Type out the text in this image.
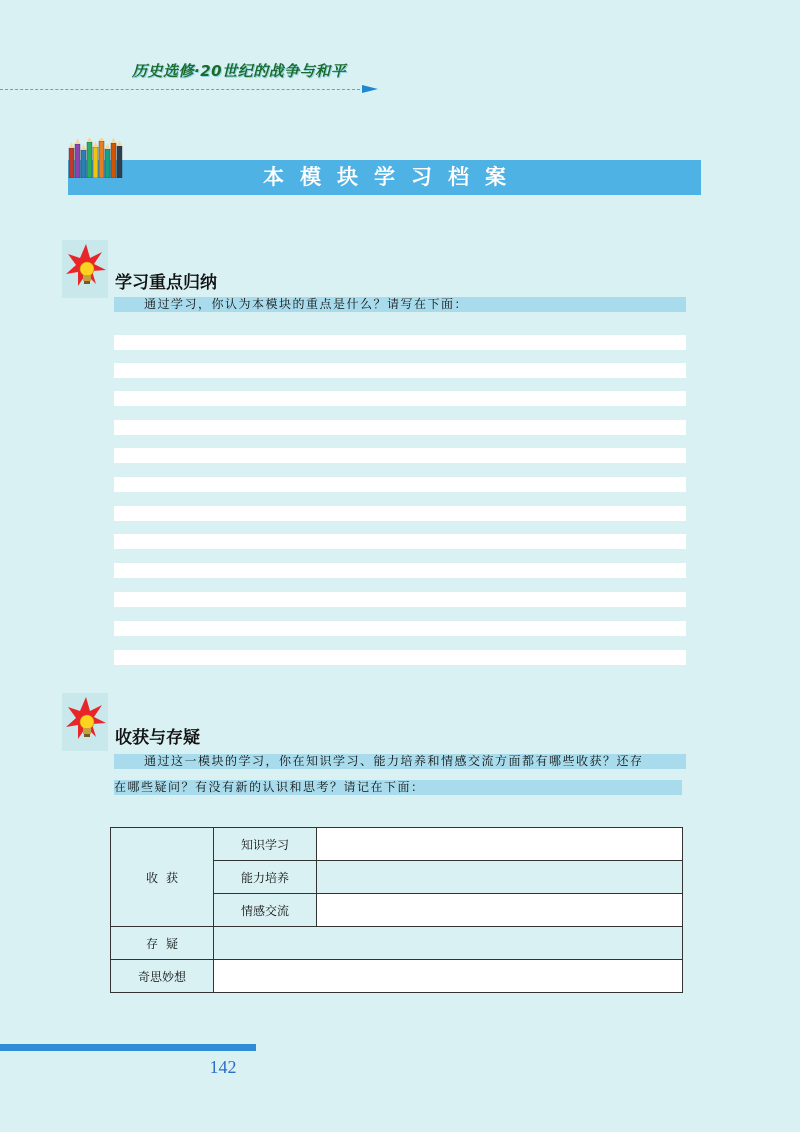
历史选修·20世纪的战争与和平
本模块学习档案
学习重点归纳
通过学习，你认为本模块的重点是什么？请写在下面：
收获与存疑
通过这一模块的学习，你在知识学习、能力培养和情感交流方面都有哪些收获？还存
在哪些疑问？有没有新的认识和思考？请记在下面：
收获	知识学习	
	能力培养	
	情感交流	
存疑		
奇思妙想		
142
